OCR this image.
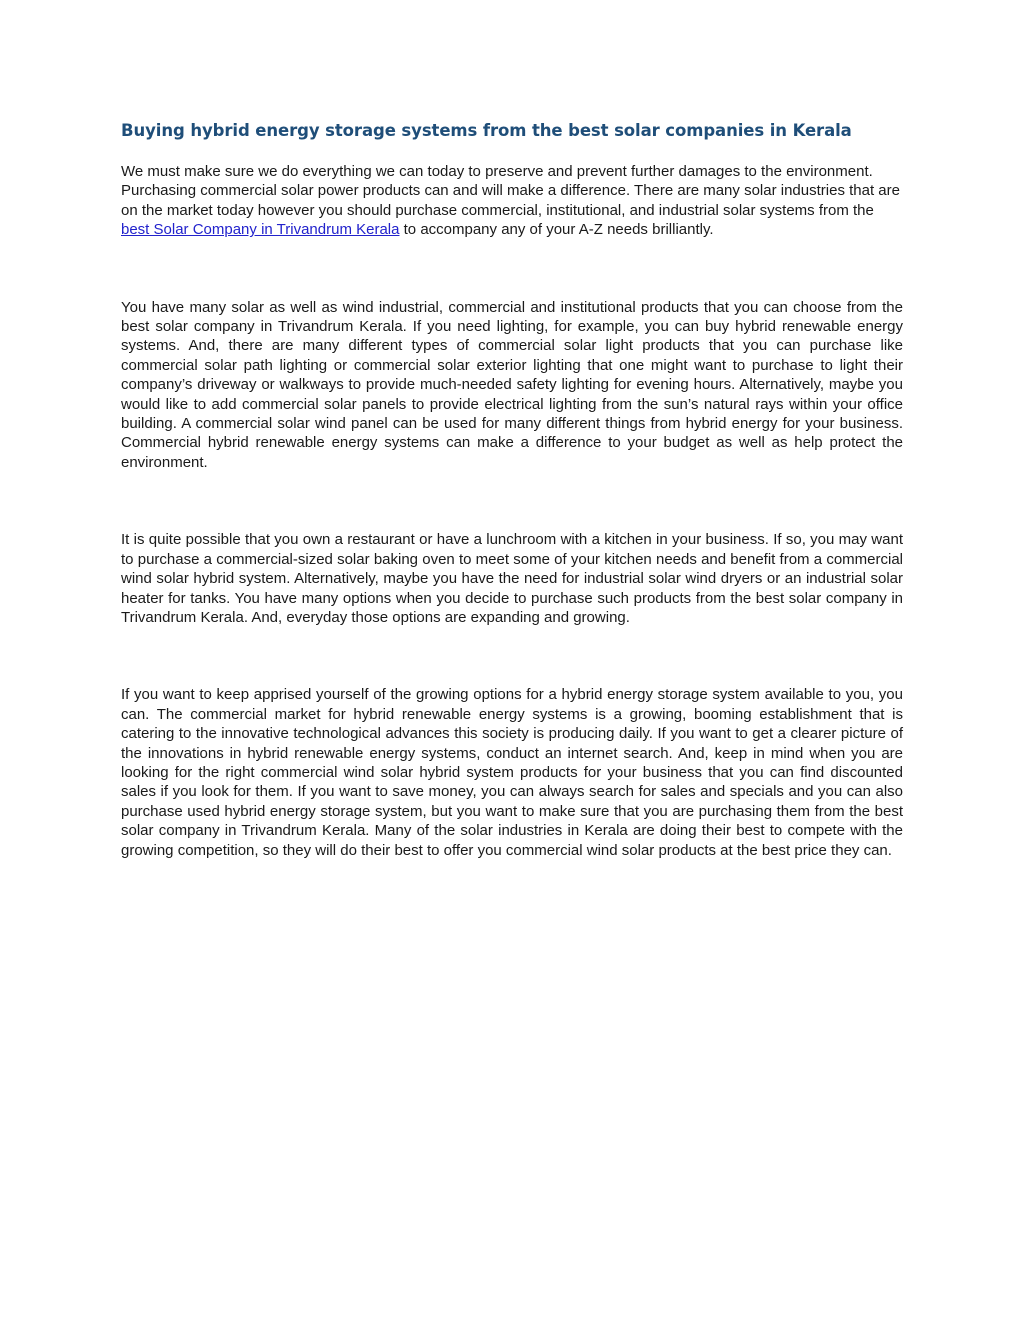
Buying hybrid energy storage systems from the best solar companies in Kerala

We must make sure we do everything we can today to preserve and prevent further damages to the environment. Purchasing commercial solar power products can and will make a difference. There are many solar industries that are on the market today however you should purchase commercial, institutional, and industrial solar systems from the best Solar Company in Trivandrum Kerala to accompany any of your A-Z needs brilliantly.

You have many solar as well as wind industrial, commercial and institutional products that you can choose from the best solar company in Trivandrum Kerala. If you need lighting, for example, you can buy hybrid renewable energy systems. And, there are many different types of commercial solar light products that you can purchase like commercial solar path lighting or commercial solar exterior lighting that one might want to purchase to light their company’s driveway or walkways to provide much-needed safety lighting for evening hours. Alternatively, maybe you would like to add commercial solar panels to provide electrical lighting from the sun’s natural rays within your office building. A commercial solar wind panel can be used for many different things from hybrid energy for your business. Commercial hybrid renewable energy systems can make a difference to your budget as well as help protect the environment.

It is quite possible that you own a restaurant or have a lunchroom with a kitchen in your business. If so, you may want to purchase a commercial-sized solar baking oven to meet some of your kitchen needs and benefit from a commercial wind solar hybrid system. Alternatively, maybe you have the need for industrial solar wind dryers or an industrial solar heater for tanks. You have many options when you decide to purchase such products from the best solar company in Trivandrum Kerala. And, everyday those options are expanding and growing.

If you want to keep apprised yourself of the growing options for a hybrid energy storage system available to you, you can. The commercial market for hybrid renewable energy systems is a growing, booming establishment that is catering to the innovative technological advances this society is producing daily. If you want to get a clearer picture of the innovations in hybrid renewable energy systems, conduct an internet search. And, keep in mind when you are looking for the right commercial wind solar hybrid system products for your business that you can find discounted sales if you look for them. If you want to save money, you can always search for sales and specials and you can also purchase used hybrid energy storage system, but you want to make sure that you are purchasing them from the best solar company in Trivandrum Kerala. Many of the solar industries in Kerala are doing their best to compete with the growing competition, so they will do their best to offer you commercial wind solar products at the best price they can.
